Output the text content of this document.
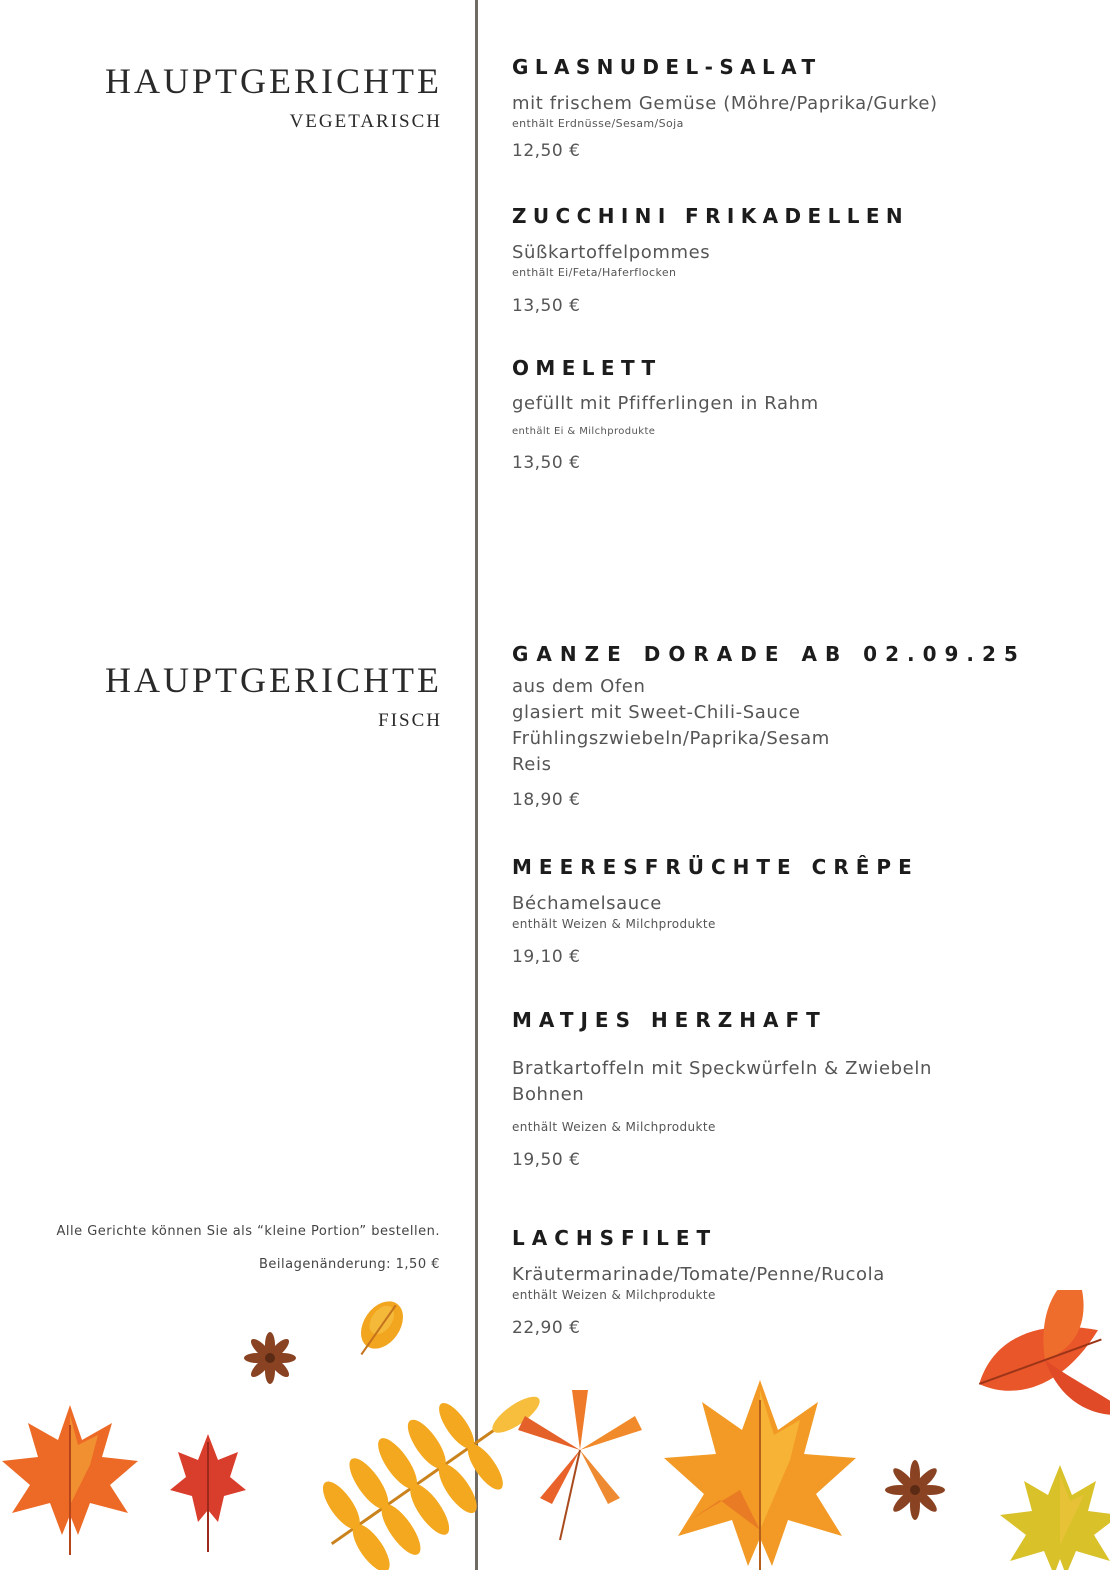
HAUPTGERICHTE
VEGETARISCH
HAUPTGERICHTE
FISCH
GLASNUDEL-SALAT
mit frischem Gemüse (Möhre/Paprika/Gurke)
enthält Erdnüsse/Sesam/Soja
12,50 €
ZUCCHINI FRIKADELLEN
Süßkartoffelpommes
enthält Ei/Feta/Haferflocken
13,50 €
OMELETT
gefüllt mit Pfifferlingen in Rahm
enthält Ei & Milchprodukte
13,50 €
GANZE DORADE AB 02.09.25
aus dem Ofen
glasiert mit Sweet-Chili-Sauce
Frühlingszwiebeln/Paprika/Sesam
Reis
18,90 €
MEERESFRÜCHTE CRÊPE
Béchamelsauce
enthält Weizen & Milchprodukte
19,10 €
MATJES HERZHAFT
Bratkartoffeln mit Speckwürfeln & Zwiebeln
Bohnen
enthält Weizen & Milchprodukte
19,50 €
LACHSFILET
Kräutermarinade/Tomate/Penne/Rucola
enthält Weizen & Milchprodukte
22,90 €
Alle Gerichte können Sie als “kleine Portion” bestellen.
Beilagenänderung: 1,50 €
